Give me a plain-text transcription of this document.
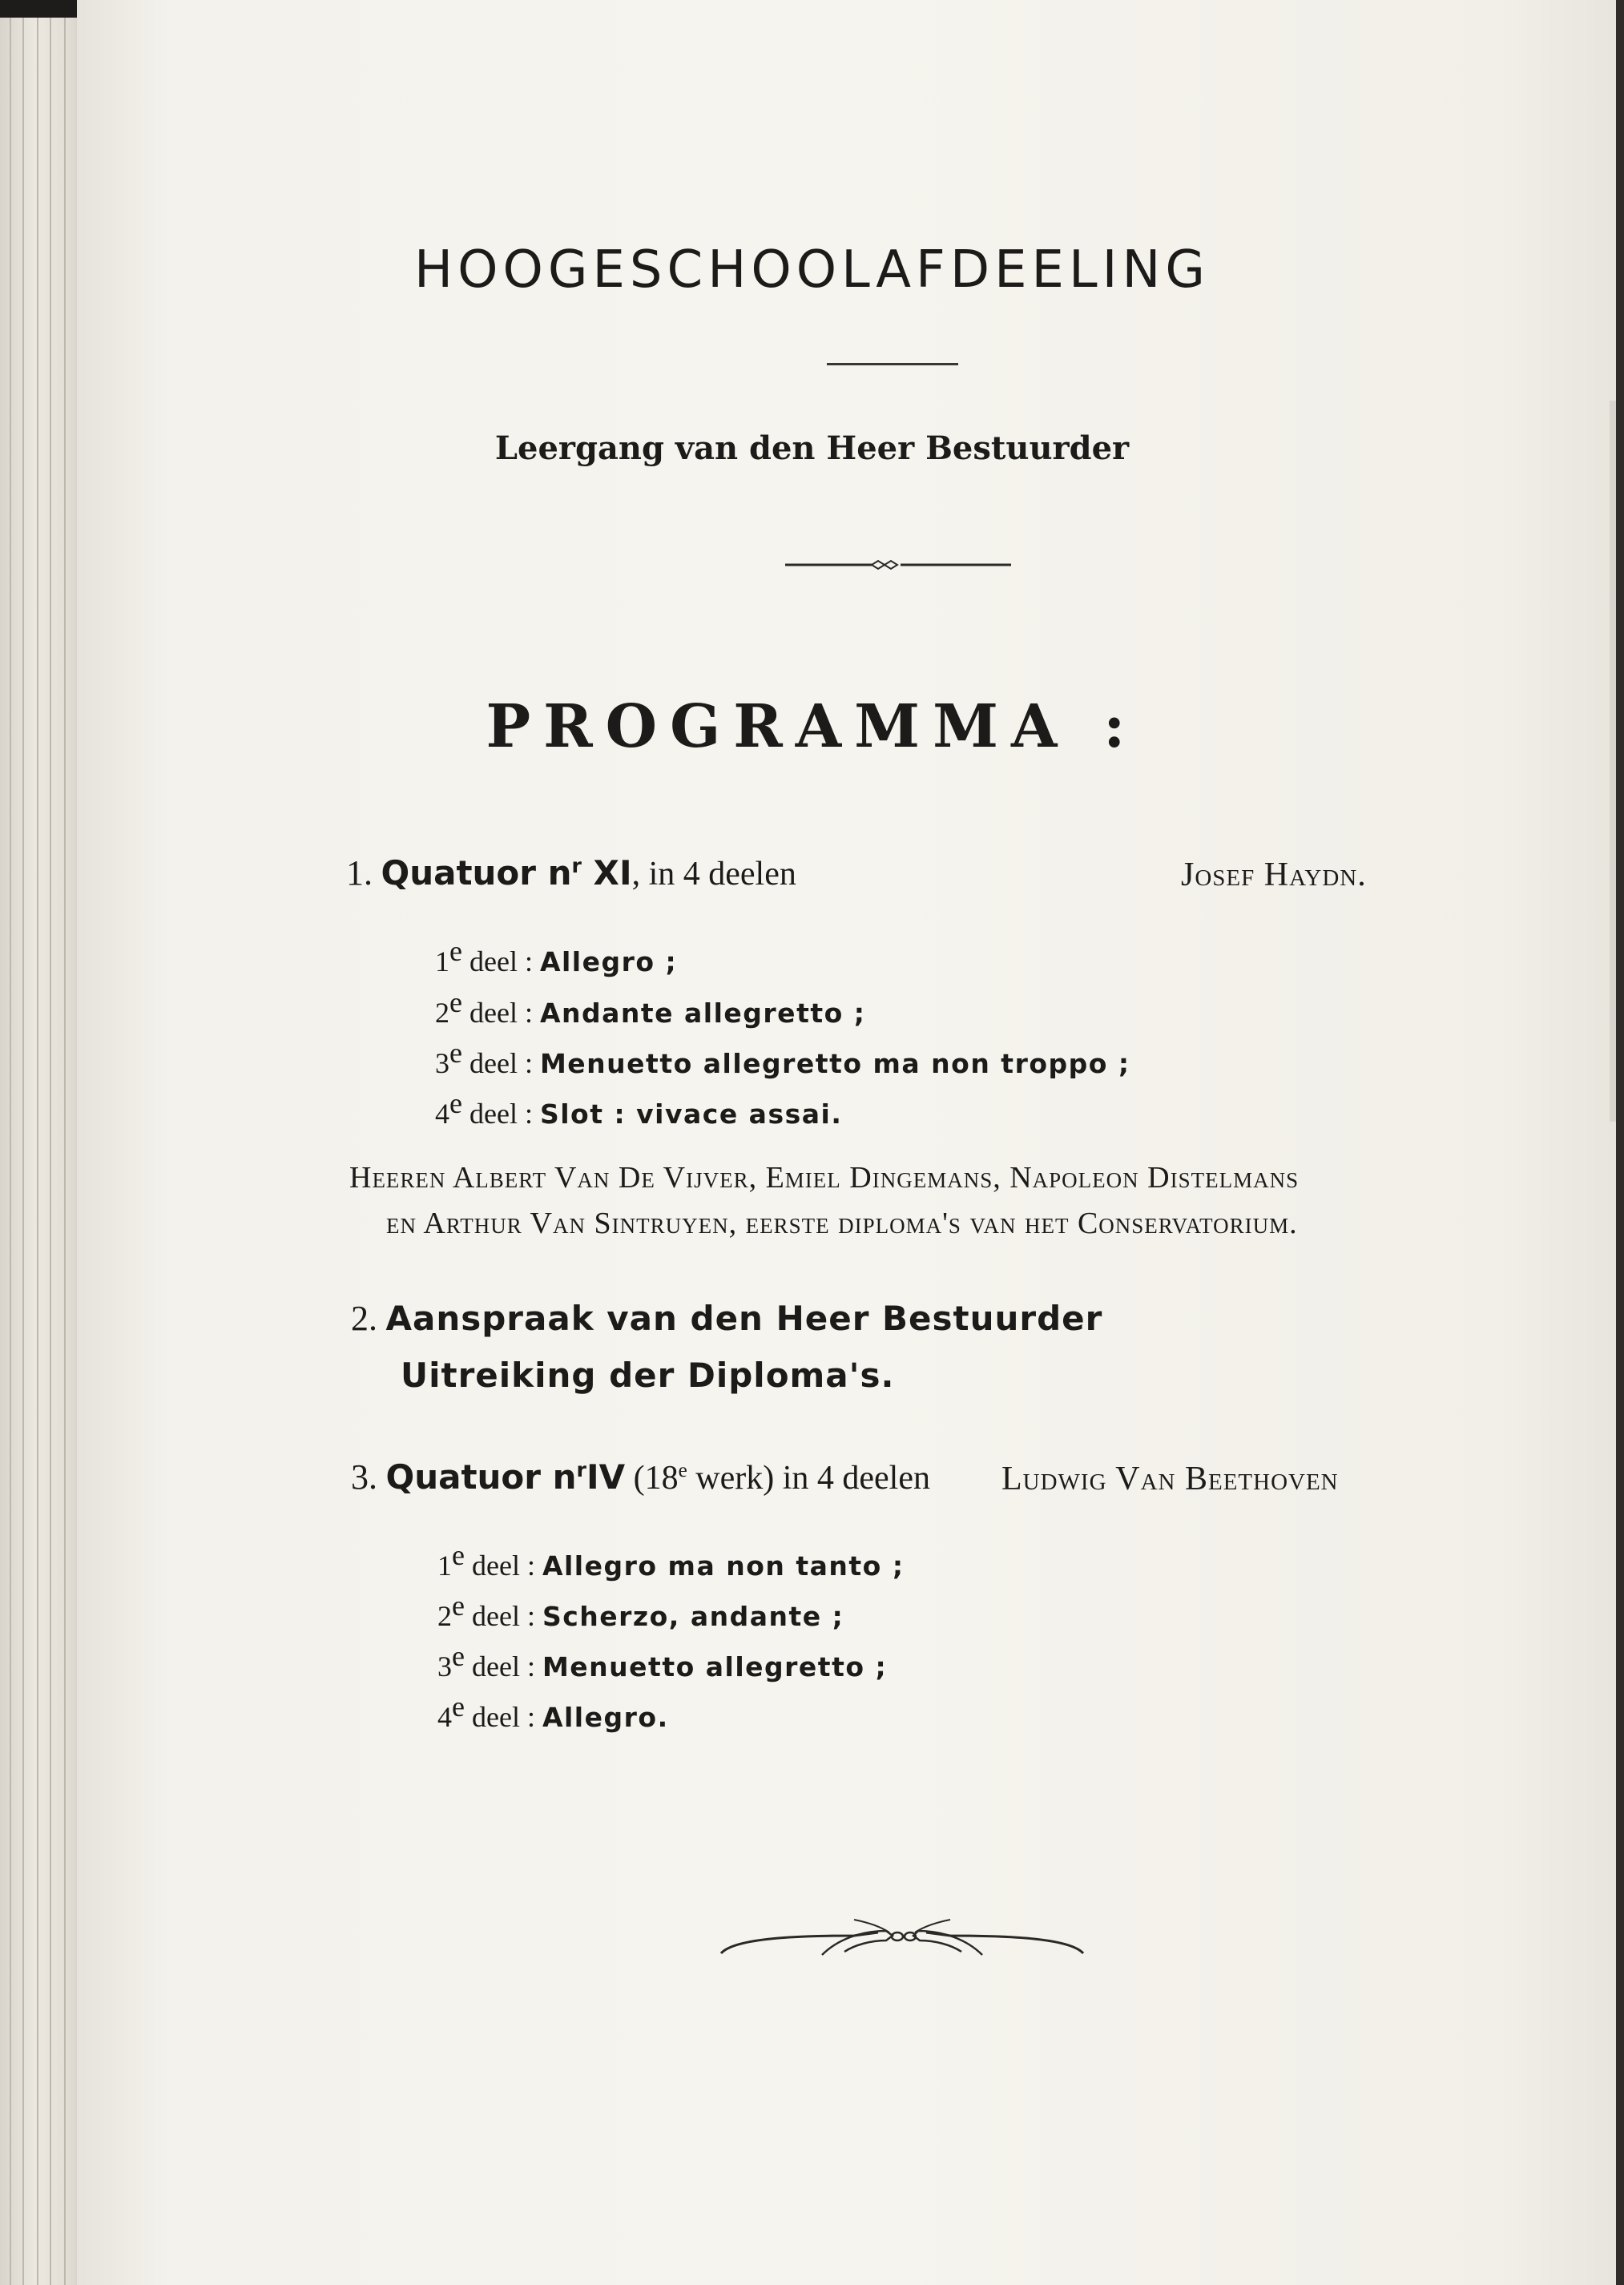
HOOGESCHOOLAFDEELING
Leergang van den Heer Bestuurder
PROGRAMMA :
1. Quatuor $n^r$ XI, in 4 deelen	Josef Haydn.
1e deel : Allegro ;
2e deel : Andante allegretto ;
3e deel : Menuetto allegretto ma non troppo ;
4e deel : Slot : vivace assai.
Heeren Albert Van De Vijver, Emiel Dingemans, Napoleon Distelmans
en Arthur Van Sintruyen, eerste diploma's van het Conservatorium.
2. Aanspraak van den Heer Bestuurder
Uitreiking der Diploma's.
3. Quatuor $n^rIV$ (18e werk) in 4 deelen Ludwig Van Beethoven
1e deel : Allegro ma non tanto ;
2e deel : Scherzo, andante ;
3e deel : Menuetto allegretto ;
4e deel : Allegro.
